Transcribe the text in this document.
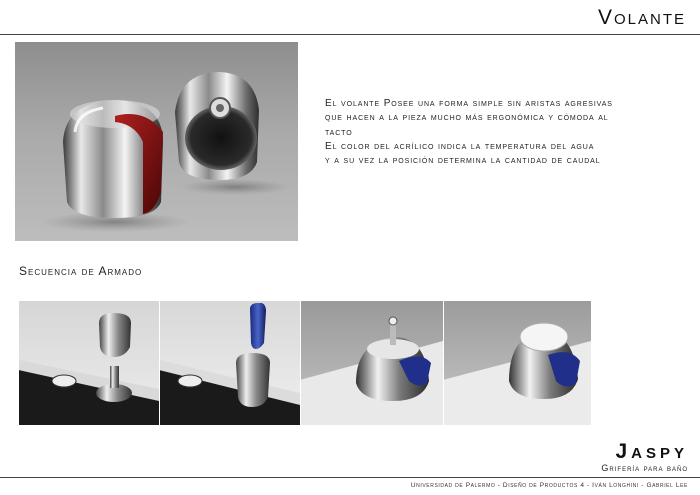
Volante

El volante Posee una forma simple sin aristas agresivas

que hacen a la pieza mucho más ergonómica y cómoda al

tacto

El color del acrílico indica la temperatura del agua

y a su vez la posición determina la cantidad de caudal

Secuencia de Armado
Jaspy
Grifería para baño
Universidad de Palermo - Diseño de Productos 4 - Iván Longhini - Gabriel Lee
